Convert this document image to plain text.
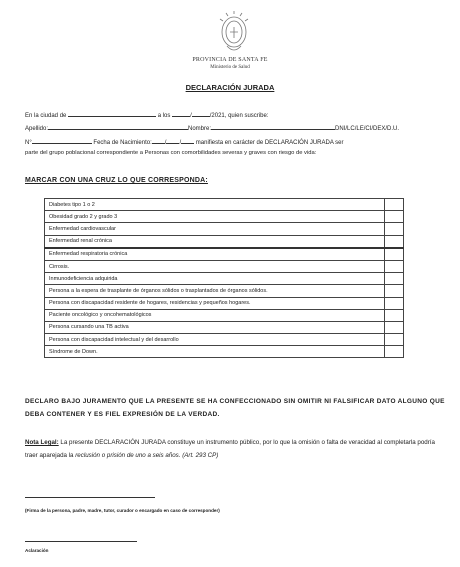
PROVINCIA DE SANTA FE
Ministerio de Salud
DECLARACIÓN JURADA
En la ciudad de	a los	/	/2021, quien suscribe:
Apellido:	Nombre:	DNI/LC/LE/CI/DEX/D.U.
N°	Fecha de Nacimiento: / / manifiesta en carácter de DECLARACIÓN JURADA ser
parte del grupo poblacional correspondiente a Personas con comorbilidades severas y graves con riesgo de vida:
MARCAR CON UNA CRUZ LO QUE CORRESPONDA:
Diabetes tipo 1 o 2	
Obesidad grado 2 y grado 3	
Enfermedad cardiovascular	
Enfermedad renal crónica	
Enfermedad respiratoria crónica	
Cirrosis.	
Inmunodeficiencia adquirida	
Persona a la espera de trasplante de órganos sólidos o trasplantados de órganos sólidos.	
Persona con discapacidad residente de hogares, residencias y pequeños hogares.	
Paciente oncológico y oncohematológicos	
Persona cursando una TB activa	
Persona con discapacidad intelectual y del desarrollo	
Síndrome de Down.	
DECLARO BAJO JURAMENTO QUE LA PRESENTE SE HA CONFECCIONADO SIN OMITIR NI FALSIFICAR DATO ALGUNO QUE DEBA CONTENER Y ES FIEL EXPRESIÓN DE LA VERDAD.
Nota Legal: La presente DECLARACIÓN JURADA constituye un instrumento público, por lo que la omisión o falta de veracidad al completarla podría traer aparejada la reclusión o prisión de uno a seis años. (Art. 293 CP)
(Firma de la persona, padre, madre, tutor, curador o encargado en caso de corresponder)
Aclaración
